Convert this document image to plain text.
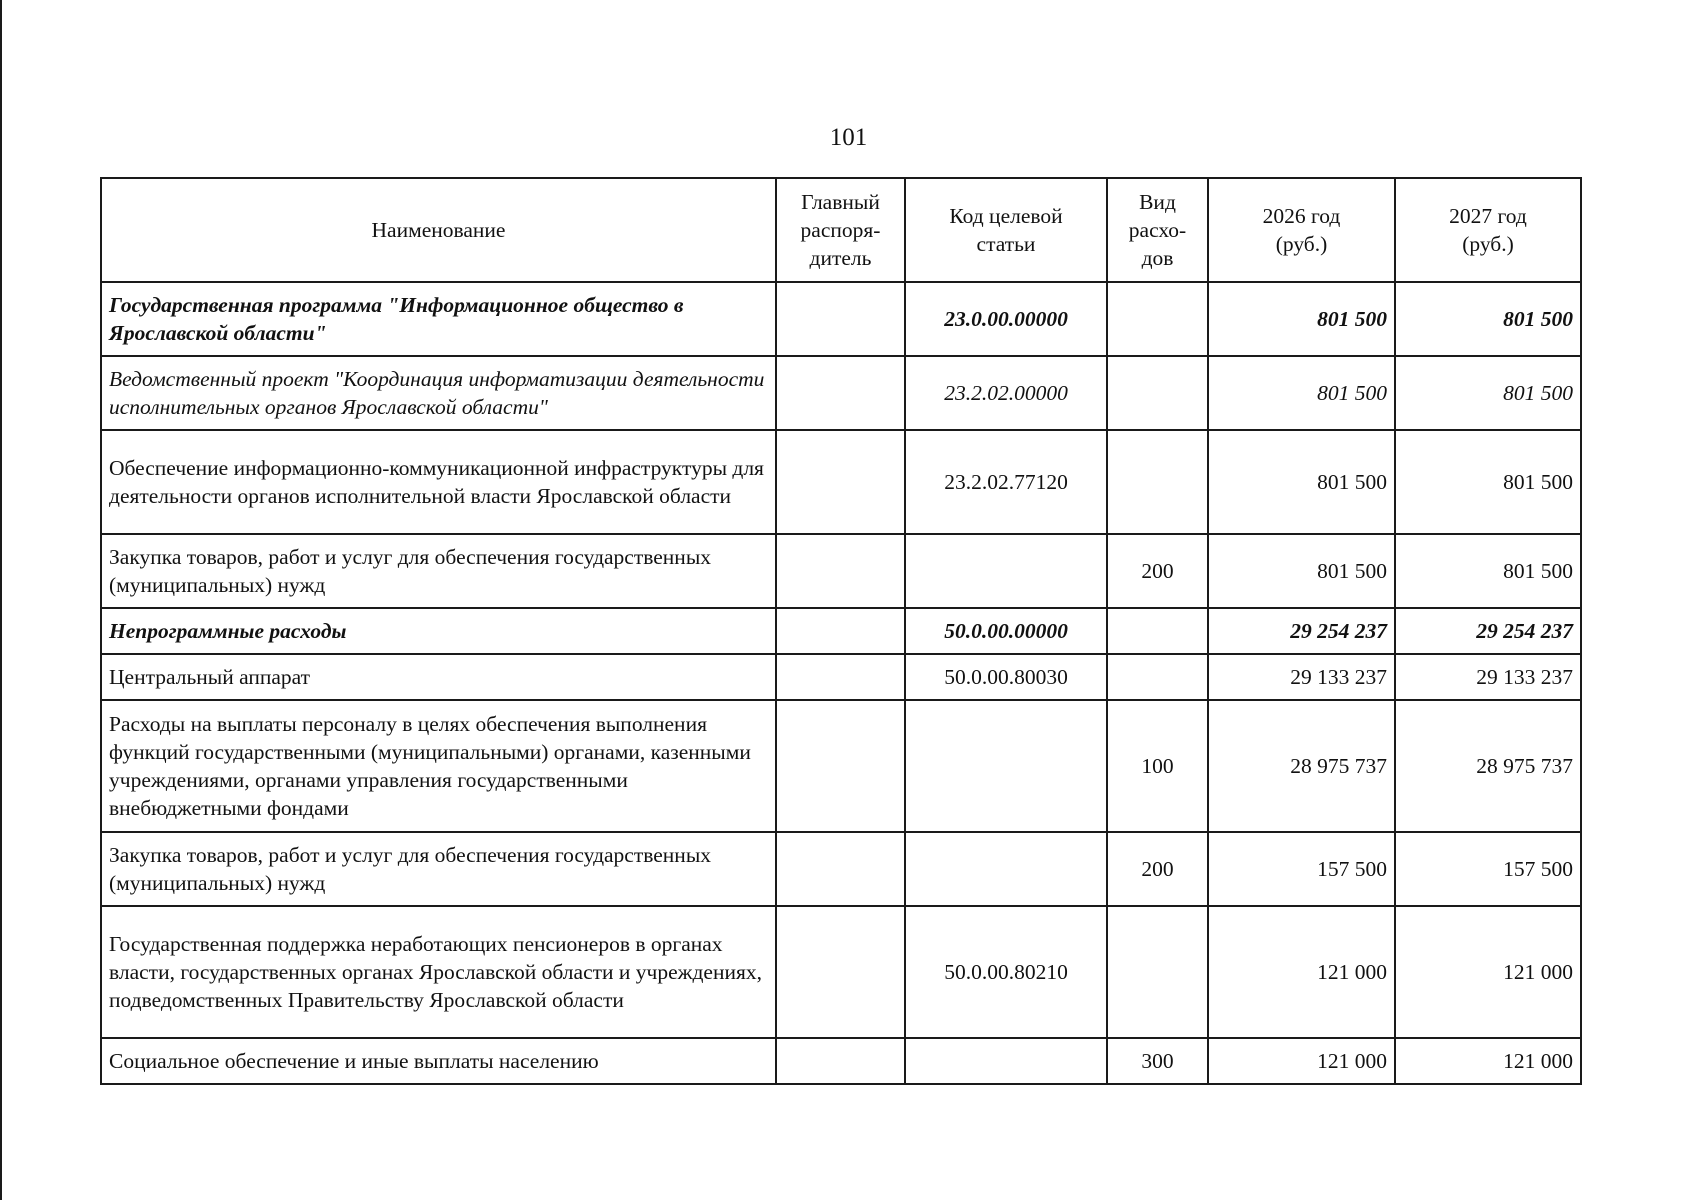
101
Наименование	Главный
распоря-
дитель	Код целевой
статьи	Вид
расхо-
дов	2026 год
(руб.)	2027 год
(руб.)
Государственная программа "Информационное общество в Ярославской области"		23.0.00.00000		801 500	801 500
Ведомственный проект "Координация информатизации деятельности исполнительных органов Ярославской области"		23.2.02.00000		801 500	801 500
Обеспечение информационно-коммуникационной инфраструктуры для деятельности органов исполнительной власти Ярославской области		23.2.02.77120		801 500	801 500
Закупка товаров, работ и услуг для обеспечения государственных (муниципальных) нужд			200	801 500	801 500
Непрограммные расходы		50.0.00.00000		29 254 237	29 254 237
Центральный аппарат		50.0.00.80030		29 133 237	29 133 237
Расходы на выплаты персоналу в целях обеспечения выполнения функций государственными (муниципальными) органами, казенными учреждениями, органами управления государственными внебюджетными фондами			100	28 975 737	28 975 737
Закупка товаров, работ и услуг для обеспечения государственных (муниципальных) нужд			200	157 500	157 500
Государственная поддержка неработающих пенсионеров в органах власти, государственных органах Ярославской области и учреждениях, подведомственных Правительству Ярославской области		50.0.00.80210		121 000	121 000
Социальное обеспечение и иные выплаты населению			300	121 000	121 000
